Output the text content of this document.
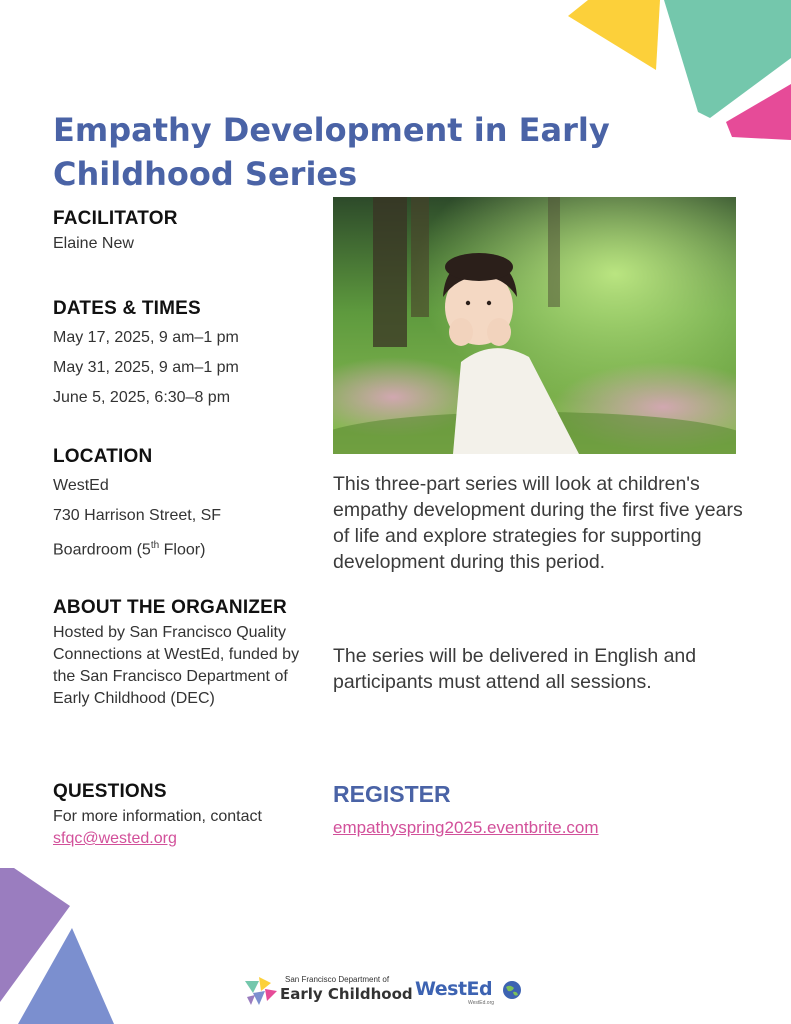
Empathy Development in Early Childhood Series

FACILITATOR

Elaine New

DATES & TIMES

May 17, 2025, 9 am–1 pm

May 31, 2025, 9 am–1 pm

June 5, 2025, 6:30–8 pm

LOCATION

WestEd

730 Harrison Street, SF

Boardroom (5th Floor)

ABOUT THE ORGANIZER

Hosted by San Francisco Quality Connections at WestEd, funded by the San Francisco Department of Early Childhood (DEC)

QUESTIONS

For more information, contact

sfqc@wested.org

This three-part series will look at children's empathy development during the first five years of life and explore strategies for supporting development during this period.

The series will be delivered in English and participants must attend all sessions.

REGISTER

empathyspring2025.eventbrite.com
San Francisco Department of
Early Childhood WestEd
WestEd.org
